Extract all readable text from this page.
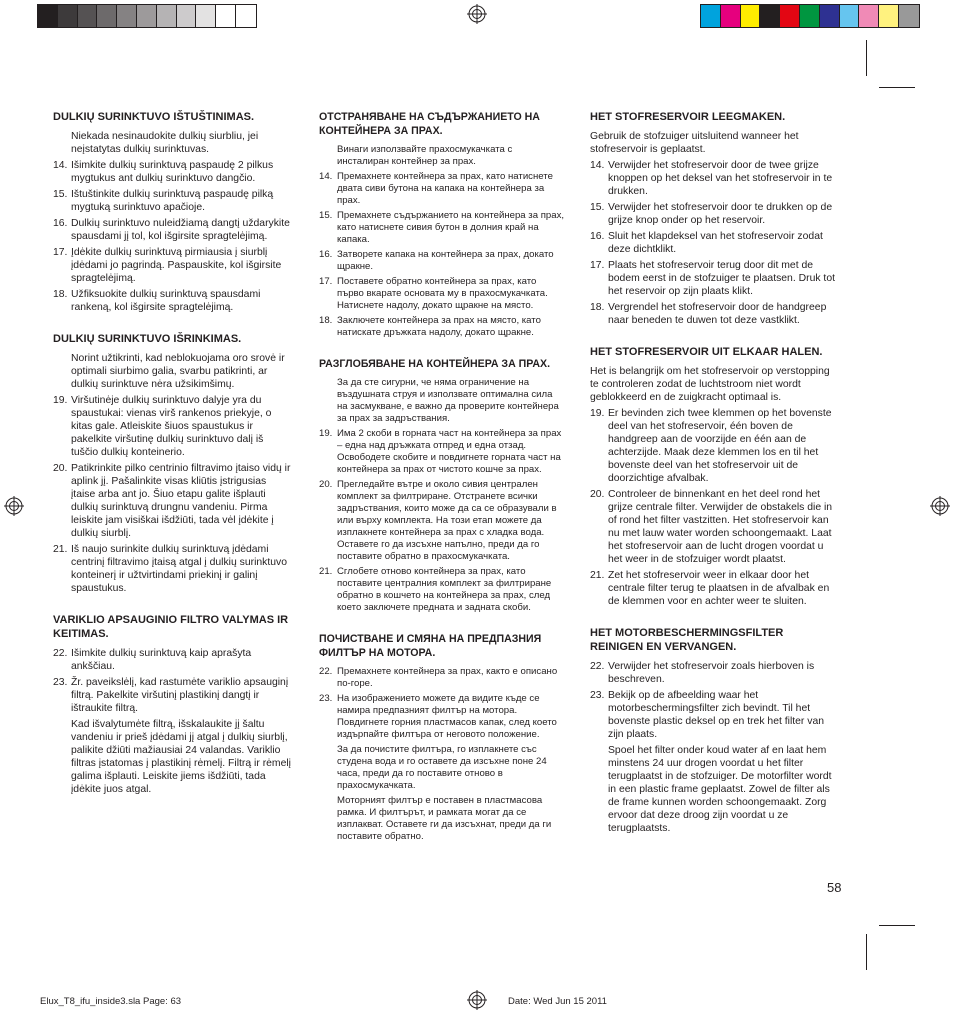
DULKIŲ SURINKTUVO IŠTUŠTINIMAS.
Niekada nesinaudokite dulkių siurbliu, jei neįstatytas dulkių surinktuvas.
14. Išimkite dulkių surinktuvą paspaudę 2 pilkus mygtukus ant dulkių surinktuvo dangčio.
15. Ištuštinkite dulkių surinktuvą paspaudę pilką mygtuką surinktuvo apačioje.
16. Dulkių surinktuvo nuleidžiamą dangtį uždarykite spausdami jį tol, kol išgirsite spragtelėjimą.
17. Įdėkite dulkių surinktuvą pirmiausia į siurblį įdėdami jo pagrindą. Paspauskite, kol išgirsite spragtelėjimą.
18. Užfiksuokite dulkių surinktuvą spausdami rankeną, kol išgirsite spragtelėjimą.
DULKIŲ SURINKTUVO IŠRINKIMAS.
Norint užtikrinti, kad neblokuojama oro srovė ir optimali siurbimo galia, svarbu patikrinti, ar dulkių surinktuve nėra užsikimšimų.
19. Viršutinėje dulkių surinktuvo dalyje yra du spaustukai: vienas virš rankenos priekyje, o kitas gale. Atleiskite šiuos spaustukus ir pakelkite viršutinę dulkių surinktuvo dalį iš tuščio dulkių konteinerio.
20. Patikrinkite pilko centrinio filtravimo įtaiso vidų ir aplink jį. Pašalinkite visas kliūtis įstrigusias įtaise arba ant jo. Šiuo etapu galite išplauti dulkių surinktuvą drungnu vandeniu. Pirma leiskite jam visiškai išdžiūti, tada vėl įdėkite į dulkių siurblį.
21. Iš naujo surinkite dulkių surinktuvą įdėdami centrinį filtravimo įtaisą atgal į dulkių surinktuvo konteinerį ir užtvirtindami priekinį ir galinį spaustukus.
VARIKLIO APSAUGINIO FILTRO VALYMAS IR KEITIMAS.
22. Išimkite dulkių surinktuvą kaip aprašyta ankščiau.
23. Žr. paveikslėlį, kad rastumėte variklio apsauginį filtrą. Pakelkite viršutinį plastikinį dangtį ir ištraukite filtrą.
Kad išvalytumėte filtrą, išskalaukite jį šaltu vandeniu ir prieš įdėdami jį atgal į dulkių siurblį, palikite džiūti mažiausiai 24 valandas. Variklio filtras įstatomas į plastikinį rėmelį. Filtrą ir rėmelį galima išplauti. Leiskite jiems išdžiūti, tada įdėkite juos atgal.
ОТСТРАНЯВАНЕ НА СЪДЪРЖАНИЕТО НА КОНТЕЙНЕРА ЗА ПРАХ.
Винаги използвайте прахосмукачката с инсталиран контейнер за прах.
14. Премахнете контейнера за прах, като натиснете двата сиви бутона на капака на контейнера за прах.
15. Премахнете съдържанието на контейнера за прах, като натиснете сивия бутон в долния край на капака.
16. Затворете капака на контейнера за прах, докато щракне.
17. Поставете обратно контейнера за прах, като първо вкарате основата му в прахосмукачката. Натиснете надолу, докато щракне на място.
18. Заключете контейнера за прах на място, като натискате дръжката надолу, докато щракне.
РАЗГЛОБЯВАНЕ НА КОНТЕЙНЕРА ЗА ПРАХ.
За да сте сигурни, че няма ограничение на въздушната струя и използвате оптимална сила на засмукване, е важно да проверите контейнера за прах за задръствания.
19. Има 2 скоби в горната част на контейнера за прах – една над дръжката отпред и една отзад. Освободете скобите и повдигнете горната част на контейнера за прах от чистото кошче за прах.
20. Прегледайте вътре и около сивия централен комплект за филтриране. Отстранете всички задръствания, които може да са се образували в или върху комплекта. На този етап можете да изплакнете контейнера за прах с хладка вода. Оставете го да изсъхне напълно, преди да го поставите обратно в прахосмукачката.
21. Сглобете отново контейнера за прах, като поставите централния комплект за филтриране обратно в кошчето на контейнера за прах, след което заключете предната и задната скоби.
ПОЧИСТВАНЕ И СМЯНА НА ПРЕДПАЗНИЯ ФИЛТЪР НА МОТОРА.
22. Премахнете контейнера за прах, както е описано по-горе.
23. На изображението можете да видите къде се намира предпазният филтър на мотора. Повдигнете горния пластмасов капак, след което издърпайте филтъра от неговото положение.
За да почистите филтъра, го изплакнете със студена вода и го оставете да изсъхне поне 24 часа, преди да го поставите отново в прахосмукачката.
Моторният филтър е поставен в пластмасова рамка. И филтърът, и рамката могат да се изплакват. Оставете ги да изсъхнат, преди да ги поставите обратно.
HET STOFRESERVOIR LEEGMAKEN.
Gebruik de stofzuiger uitsluitend wanneer het stofreservoir is geplaatst.
14. Verwijder het stofreservoir door de twee grijze knoppen op het deksel van het stofreservoir in te drukken.
15. Verwijder het stofreservoir door te drukken op de grijze knop onder op het reservoir.
16. Sluit het klapdeksel van het stofreservoir zodat deze dichtklikt.
17. Plaats het stofreservoir terug door dit met de bodem eerst in de stofzuiger te plaatsen. Druk tot het reservoir op zijn plaats klikt.
18. Vergrendel het stofreservoir door de handgreep naar beneden te duwen tot deze vastklikt.
HET STOFRESERVOIR UIT ELKAAR HALEN.
Het is belangrijk om het stofreservoir op verstopping te controleren zodat de luchtstroom niet wordt geblokkeerd en de zuigkracht optimaal is.
19. Er bevinden zich twee klemmen op het bovenste deel van het stofreservoir, één boven de handgreep aan de voorzijde en één aan de achterzijde. Maak deze klemmen los en til het bovenste deel van het stofreservoir uit de doorzichtige afvalbak.
20. Controleer de binnenkant en het deel rond het grijze centrale filter. Verwijder de obstakels die in of rond het filter vastzitten. Het stofreservoir kan nu met lauw water worden schoongemaakt. Laat het stofreservoir aan de lucht drogen voordat u het weer in de stofzuiger wordt plaatst.
21. Zet het stofreservoir weer in elkaar door het centrale filter terug te plaatsen in de afvalbak en de klemmen voor en achter weer te sluiten.
HET MOTORBESCHERMINGSFILTER REINIGEN EN VERVANGEN.
22. Verwijder het stofreservoir zoals hierboven is beschreven.
23. Bekijk op de afbeelding waar het motorbeschermingsfilter zich bevindt. Til het bovenste plastic deksel op en trek het filter van zijn plaats.
Spoel het filter onder koud water af en laat hem minstens 24 uur drogen voordat u het filter terugplaatst in de stofzuiger. De motorfilter wordt in een plastic frame geplaatst. Zowel de filter als de frame kunnen worden schoongemaakt. Zorg ervoor dat deze droog zijn voordat u ze terugplaatsts.
58
Elux_T8_ifu_inside3.sla Page: 63	Date: Wed Jun 15 2011
